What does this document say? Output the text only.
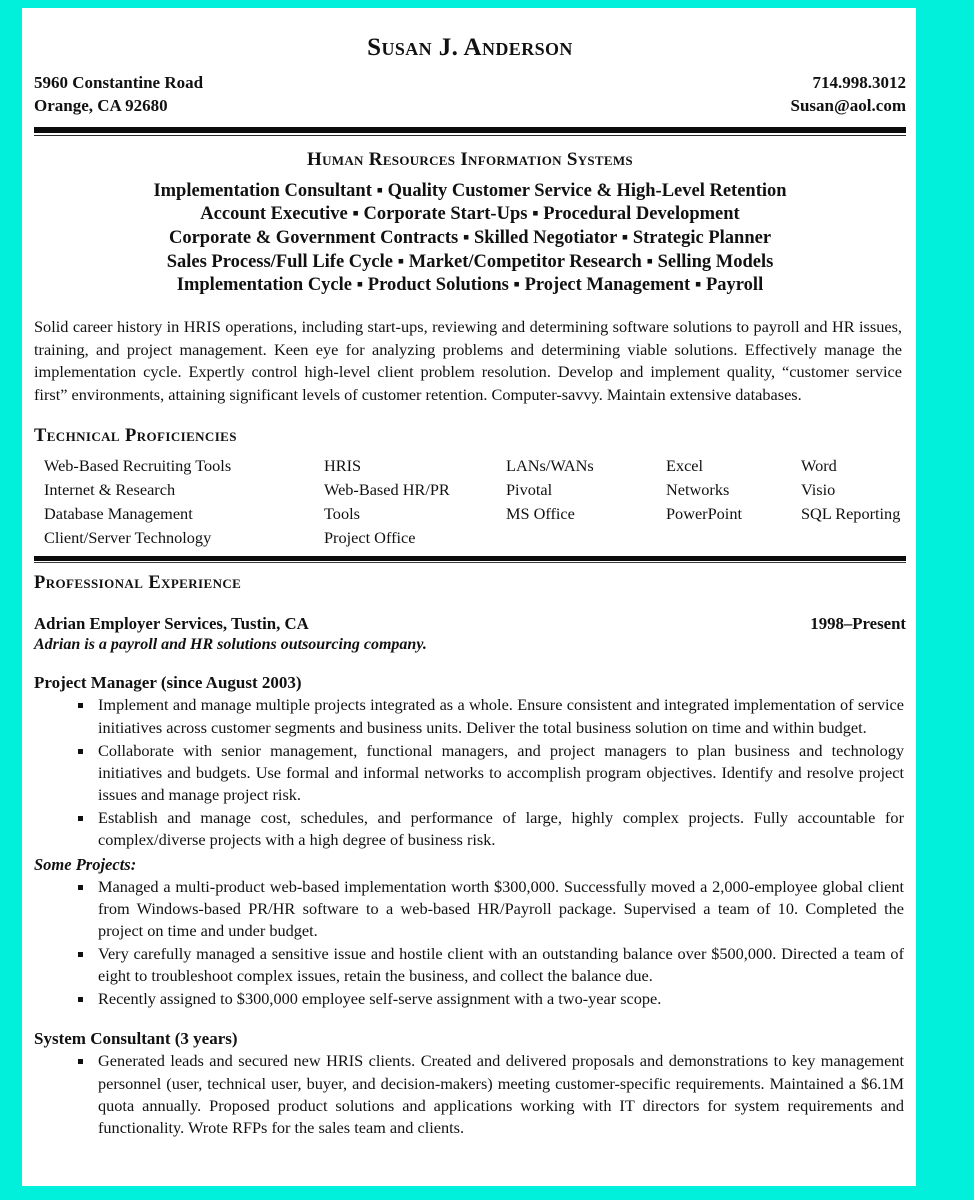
Susan J. Anderson
5960 Constantine Road
Orange, CA 92680
714.998.3012
Susan@aol.com
Human Resources Information Systems
Implementation Consultant ▪ Quality Customer Service & High-Level Retention
Account Executive ▪ Corporate Start-Ups ▪ Procedural Development
Corporate & Government Contracts ▪ Skilled Negotiator ▪ Strategic Planner
Sales Process/Full Life Cycle ▪ Market/Competitor Research ▪ Selling Models
Implementation Cycle ▪ Product Solutions ▪ Project Management ▪ Payroll
Solid career history in HRIS operations, including start-ups, reviewing and determining software solutions to payroll and HR issues, training, and project management. Keen eye for analyzing problems and determining viable solutions. Effectively manage the implementation cycle. Expertly control high-level client problem resolution. Develop and implement quality, “customer service first” environments, attaining significant levels of customer retention. Computer-savvy. Maintain extensive databases.
Technical Proficiencies
Web-Based Recruiting Tools
Internet & Research
Database Management
Client/Server Technology
HRIS
Web-Based HR/PR
Tools
Project Office
LANs/WANs
Pivotal
MS Office
Excel
Networks
PowerPoint
Word
Visio
SQL Reporting
Professional Experience
Adrian Employer Services, Tustin, CA	1998–Present
Adrian is a payroll and HR solutions outsourcing company.
Project Manager (since August 2003)
Implement and manage multiple projects integrated as a whole. Ensure consistent and integrated implementation of service initiatives across customer segments and business units. Deliver the total business solution on time and within budget.
Collaborate with senior management, functional managers, and project managers to plan business and technology initiatives and budgets. Use formal and informal networks to accomplish program objectives. Identify and resolve project issues and manage project risk.
Establish and manage cost, schedules, and performance of large, highly complex projects. Fully accountable for complex/diverse projects with a high degree of business risk.
Some Projects:
Managed a multi-product web-based implementation worth $300,000. Successfully moved a 2,000-employee global client from Windows-based PR/HR software to a web-based HR/Payroll package. Supervised a team of 10. Completed the project on time and under budget.
Very carefully managed a sensitive issue and hostile client with an outstanding balance over $500,000. Directed a team of eight to troubleshoot complex issues, retain the business, and collect the balance due.
Recently assigned to $300,000 employee self-serve assignment with a two-year scope.
System Consultant (3 years)
Generated leads and secured new HRIS clients. Created and delivered proposals and demonstrations to key management personnel (user, technical user, buyer, and decision-makers) meeting customer-specific requirements. Maintained a $6.1M quota annually. Proposed product solutions and applications working with IT directors for system requirements and functionality. Wrote RFPs for the sales team and clients.
